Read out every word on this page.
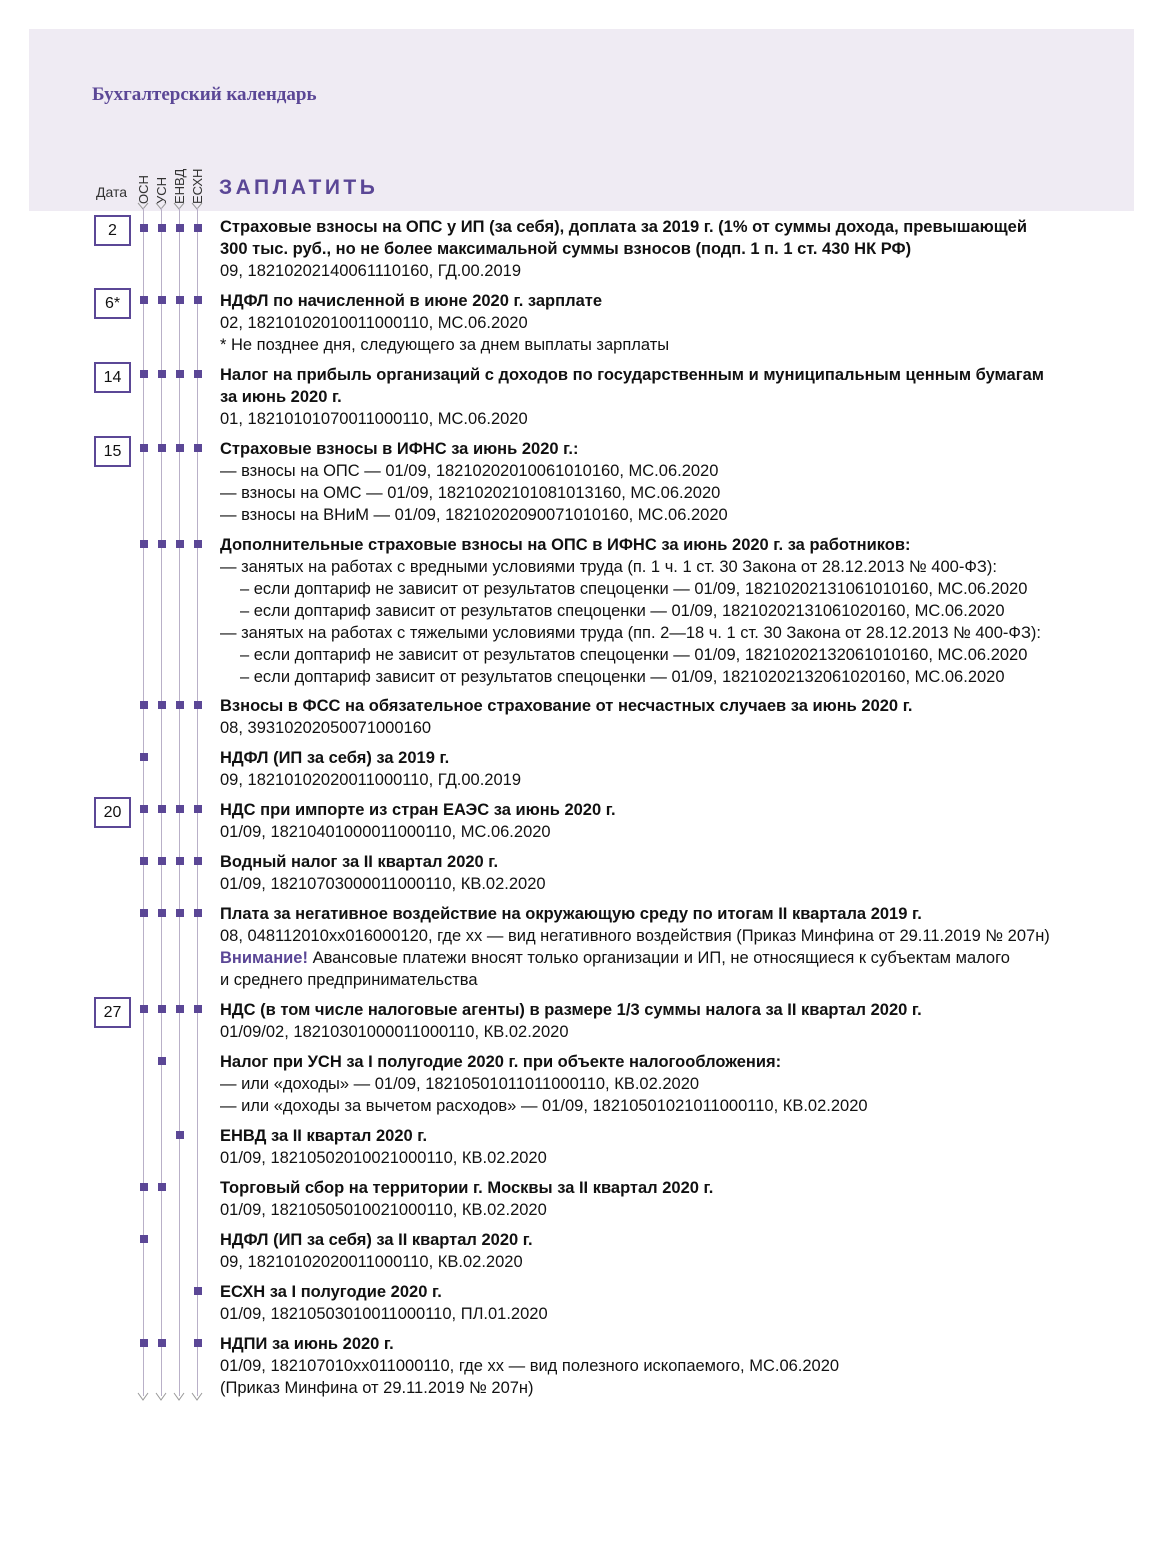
Бухгалтерский календарь
Дата ОСН УСН ЕНВД ЕСХН ЗАПЛАТИТЬ
2
6*
14
15
20
27
Страховые взносы на ОПС у ИП (за себя), доплата за 2019 г. (1% от суммы дохода, превышающей
300 тыс. руб., но не более максимальной суммы взносов (подп. 1 п. 1 ст. 430 НК РФ)
09, 18210202140061110160, ГД.00.2019
НДФЛ по начисленной в июне 2020 г. зарплате
02, 18210102010011000110, МС.06.2020
* Не позднее дня, следующего за днем выплаты зарплаты
Налог на прибыль организаций с доходов по государственным и муниципальным ценным бумагам
за июнь 2020 г.
01, 18210101070011000110, МС.06.2020
Страховые взносы в ИФНС за июнь 2020 г.:
— взносы на ОПС — 01/09, 18210202010061010160, МС.06.2020
— взносы на ОМС — 01/09, 18210202101081013160, МС.06.2020
— взносы на ВНиМ — 01/09, 18210202090071010160, МС.06.2020
Дополнительные страховые взносы на ОПС в ИФНС за июнь 2020 г. за работников:
— занятых на работах с вредными условиями труда (п. 1 ч. 1 ст. 30 Закона от 28.12.2013 № 400-ФЗ):
– если доптариф не зависит от результатов спецоценки — 01/09, 18210202131061010160, МС.06.2020
– если доптариф зависит от результатов спецоценки — 01/09, 18210202131061020160, МС.06.2020
— занятых на работах с тяжелыми условиями труда (пп. 2—18 ч. 1 ст. 30 Закона от 28.12.2013 № 400-ФЗ):
– если доптариф не зависит от результатов спецоценки — 01/09, 18210202132061010160, МС.06.2020
– если доптариф зависит от результатов спецоценки — 01/09, 18210202132061020160, МС.06.2020
Взносы в ФСС на обязательное страхование от несчастных случаев за июнь 2020 г.
08, 39310202050071000160
НДФЛ (ИП за себя) за 2019 г.
09, 18210102020011000110, ГД.00.2019
НДС при импорте из стран ЕАЭС за июнь 2020 г.
01/09, 18210401000011000110, МС.06.2020
Водный налог за II квартал 2020 г.
01/09, 18210703000011000110, КВ.02.2020
Плата за негативное воздействие на окружающую среду по итогам II квартала 2019 г.
08, 048112010xx016000120, где хх — вид негативного воздействия (Приказ Минфина от 29.11.2019 № 207н)
Внимание! Авансовые платежи вносят только организации и ИП, не относящиеся к субъектам малого
и среднего предпринимательства
НДС (в том числе налоговые агенты) в размере 1/3 суммы налога за II квартал 2020 г.
01/09/02, 18210301000011000110, КВ.02.2020
Налог при УСН за I полугодие 2020 г. при объекте налогообложения:
— или «доходы» — 01/09, 18210501011011000110, КВ.02.2020
— или «доходы за вычетом расходов» — 01/09, 18210501021011000110, КВ.02.2020
ЕНВД за II квартал 2020 г.
01/09, 18210502010021000110, КВ.02.2020
Торговый сбор на территории г. Москвы за II квартал 2020 г.
01/09, 18210505010021000110, КВ.02.2020
НДФЛ (ИП за себя) за II квартал 2020 г.
09, 18210102020011000110, КВ.02.2020
ЕСХН за I полугодие 2020 г.
01/09, 18210503010011000110, ПЛ.01.2020
НДПИ за июнь 2020 г.
01/09, 182107010xx011000110, где хх — вид полезного ископаемого, МС.06.2020
(Приказ Минфина от 29.11.2019 № 207н)
